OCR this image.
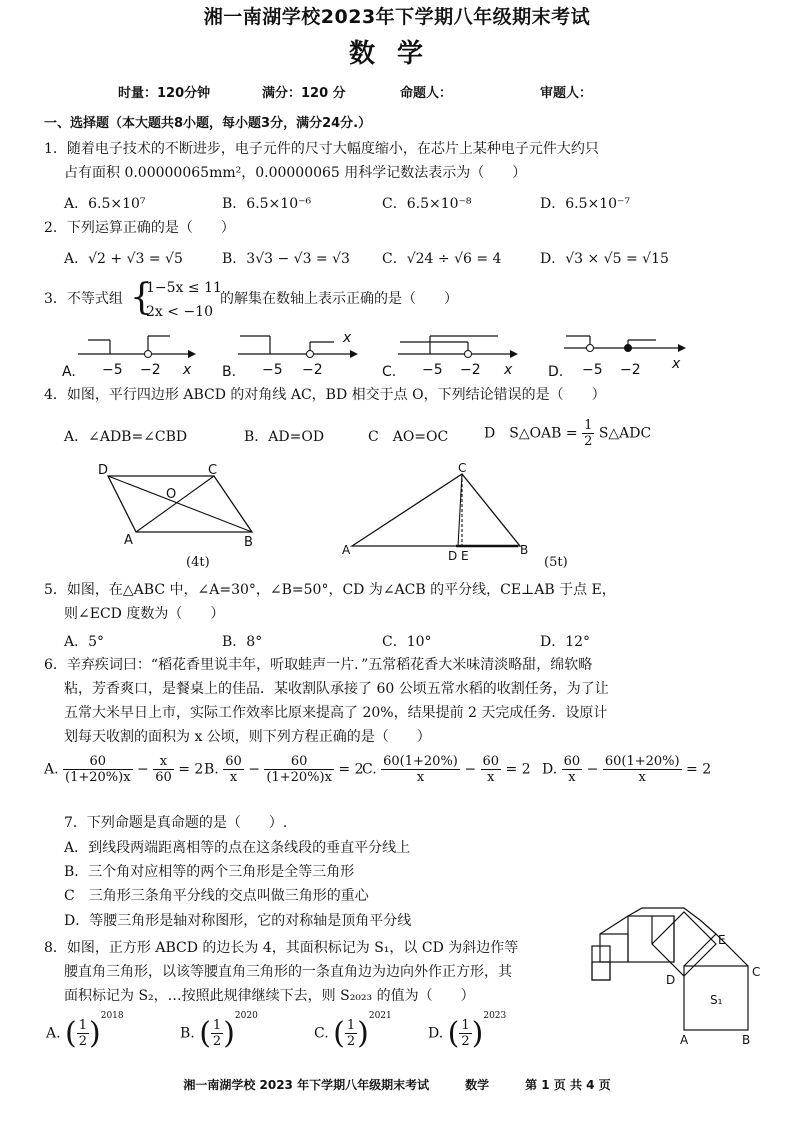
湘一南湖学校2023年下学期八年级期末考试
数学
时量：120分钟	满分：120 分	命题人：	审题人：
一、选择题（本大题共8小题，每小题3分，满分24分.）
1．随着电子技术的不断进步，电子元件的尺寸大幅度缩小，在芯片上某种电子元件大约只
占有面积 0.00000065mm²，0.00000065 用科学记数法表示为（　　）
A．6.5×10⁷	B．6.5×10⁻⁶	C．6.5×10⁻⁸	D．6.5×10⁻⁷
2．下列运算正确的是（　　）
A．√2 + √3 = √5	B．3√3 − √3 = √3 C．√24 ÷ √6 = 4	D．√3 × √5 = √15
3．不等式组 {
1−5x ≤ 11
2x < −10
的解集在数轴上表示正确的是（　　）
A. −5 −2 x B. −5 −2
x
C. −5 −2 x	D. −5 −2 x
4．如图，平行四边形 ABCD 的对角线 AC，BD 相交于点 O，下列结论错误的是（　　）
A．∠ADB=∠CBD	B．AD=OD	C　AO=OC	D　S△OAB = $\frac{1}{2}$ S△ADC
D	C
O
A	B
(4t)
C
A	D E	B
(5t)
5．如图，在△ABC 中，∠A=30°，∠B=50°，CD 为∠ACB 的平分线，CE⊥AB 于点 E，
则∠ECD 度数为（　　）
A．5°	B．8°	C．10°	D．12°
6．辛弃疾词曰：“稻花香里说丰年，听取蛙声一片．”五常稻花香大米味清淡略甜，绵软略
粘，芳香爽口，是餐桌上的佳品．某收割队承接了 60 公顷五常水稻的收割任务，为了让
五常大米早日上市，实际工作效率比原来提高了 20%，结果提前 2 天完成任务．设原计
划每天收割的面积为 x 公顷，则下列方程正确的是（　　）
A. $\frac{60}{(1+20\%)x} - \frac{x}{60} = 2$ B. $\frac{60}{x} - \frac{60}{(1+20\%)x} = 2$
C. $\frac{60(1+20\%)}{x} - \frac{60}{x} = 2$ D. $\frac{60}{x} - \frac{60(1+20\%)}{x} = 2$
7．下列命题是真命题的是（　　）.
A．到线段两端距离相等的点在这条线段的垂直平分线上
B．三个角对应相等的两个三角形是全等三角形
C　三角形三条角平分线的交点叫做三角形的重心
D．等腰三角形是轴对称图形，它的对称轴是顶角平分线
8．如图，正方形 ABCD 的边长为 4，其面积标记为 S₁，以 CD 为斜边作等
腰直角三角形，以该等腰直角三角形的一条直角边为边向外作正方形，其
面积标记为 S₂，…按照此规律继续下去，则 S₂₀₂₃ 的值为（　　）
A. ( $\frac{1}{2} )^{2018}$
B. ( $\frac{1}{2} )^{2020}$
C. ( $\frac{1}{2} )^{2021}$
D. ( $\frac{1}{2} )^{2023}$
E
D
C
S₁
A	B
湘一南湖学校 2023 年下学期八年级期末考试　　　数学　　　第 1 页 共 4 页
